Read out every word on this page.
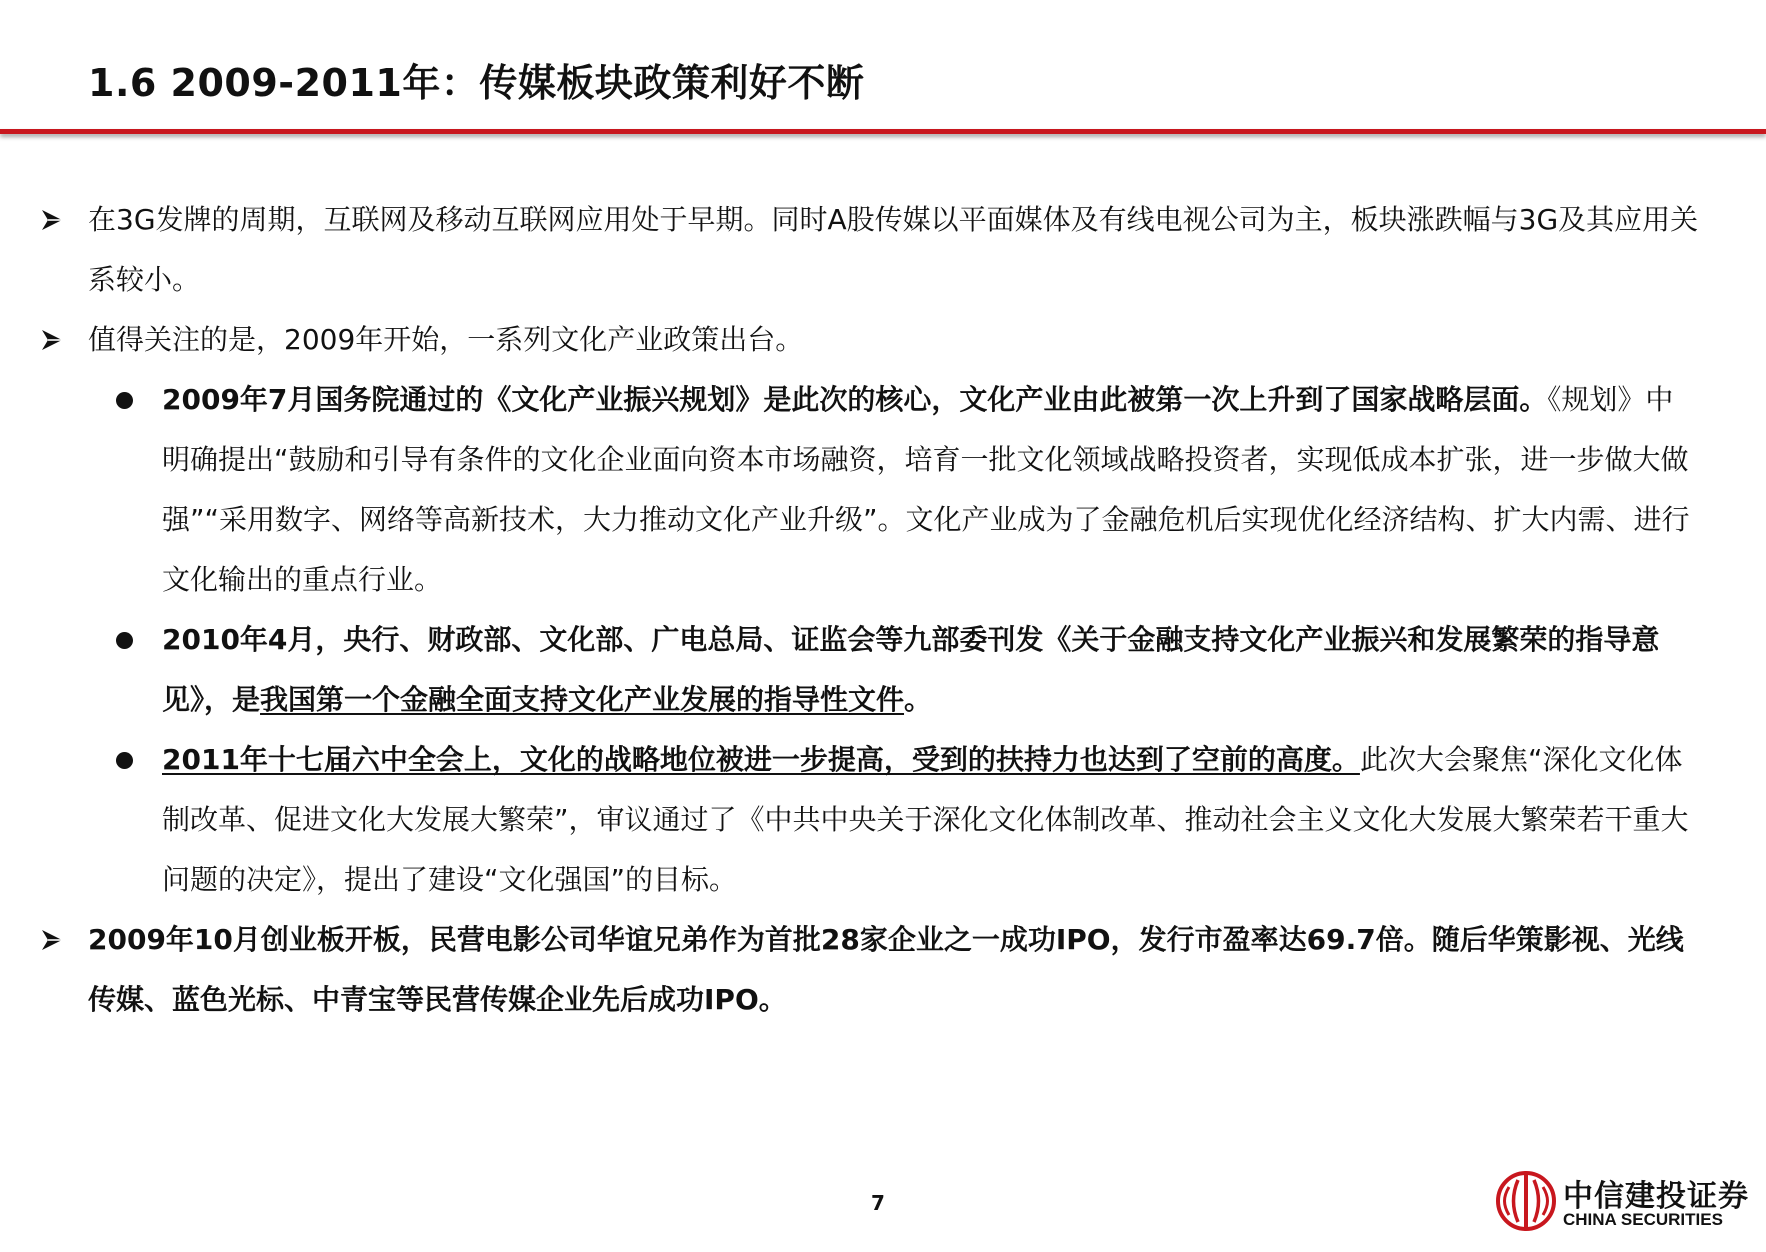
1.6 2009-2011年：传媒板块政策利好不断
在3G发牌的周期，互联网及移动互联网应用处于早期。同时A股传媒以平面媒体及有线电视公司为主，板块涨跌幅与3G及其应用关系较小。
值得关注的是，2009年开始，一系列文化产业政策出台。
2009年7月国务院通过的《文化产业振兴规划》是此次的核心，文化产业由此被第一次上升到了国家战略层面。《规划》中明确提出“鼓励和引导有条件的文化企业面向资本市场融资，培育一批文化领域战略投资者，实现低成本扩张，进一步做大做强”“采用数字、网络等高新技术，大力推动文化产业升级”。文化产业成为了金融危机后实现优化经济结构、扩大内需、进行文化输出的重点行业。
2010年4月，央行、财政部、文化部、广电总局、证监会等九部委刊发《关于金融支持文化产业振兴和发展繁荣的指导意见》，是我国第一个金融全面支持文化产业发展的指导性文件。
2011年十七届六中全会上，文化的战略地位被进一步提高，受到的扶持力也达到了空前的高度。此次大会聚焦“深化文化体制改革、促进文化大发展大繁荣”，审议通过了《中共中央关于深化文化体制改革、推动社会主义文化大发展大繁荣若干重大问题的决定》，提出了建设“文化强国”的目标。
2009年10月创业板开板，民营电影公司华谊兄弟作为首批28家企业之一成功IPO，发行市盈率达69.7倍。随后华策影视、光线传媒、蓝色光标、中青宝等民营传媒企业先后成功IPO。
7	中信建投证券
CHINA SECURITIES
